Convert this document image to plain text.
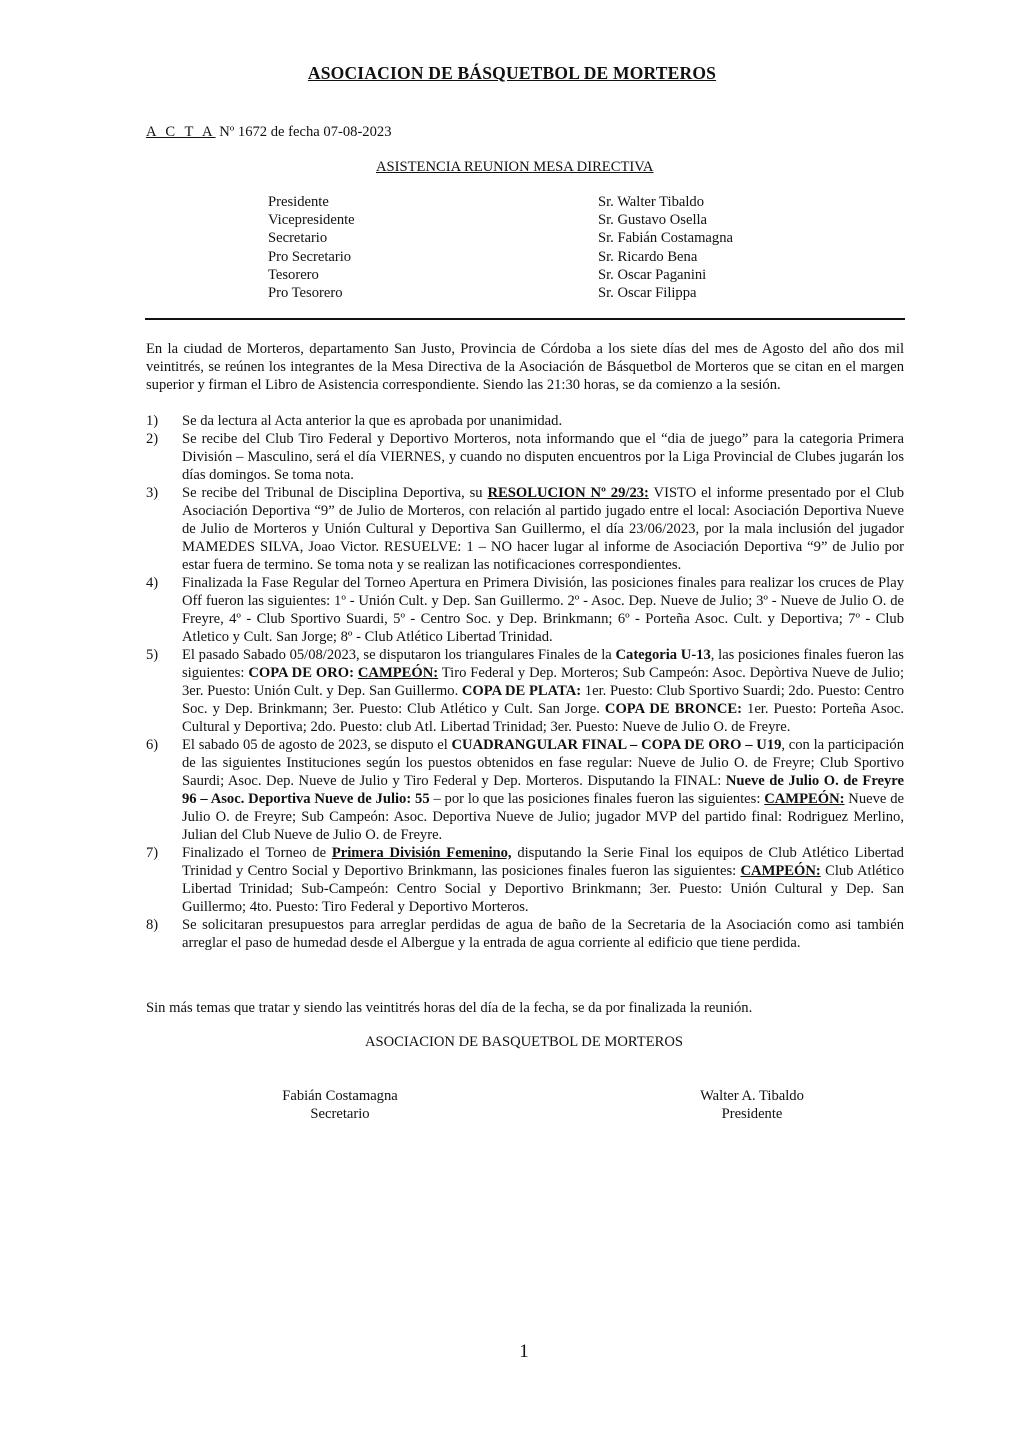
ASOCIACION DE BÁSQUETBOL DE MORTEROS
A C T A Nº 1672 de fecha 07-08-2023
ASISTENCIA REUNION MESA DIRECTIVA
Presidente	Sr. Walter Tibaldo
Vicepresidente	Sr. Gustavo Osella
Secretario	Sr. Fabián Costamagna
Pro Secretario	Sr. Ricardo Bena
Tesorero	Sr. Oscar Paganini
Pro Tesorero	Sr. Oscar Filippa
En la ciudad de Morteros, departamento San Justo, Provincia de Córdoba a los siete días del mes de Agosto del año dos mil veintitrés, se reúnen los integrantes de la Mesa Directiva de la Asociación de Básquetbol de Morteros que se citan en el margen superior y firman el Libro de Asistencia correspondiente. Siendo las 21:30 horas, se da comienzo a la sesión.
1)	Se da lectura al Acta anterior la que es aprobada por unanimidad.
2)	Se recibe del Club Tiro Federal y Deportivo Morteros, nota informando que el “dia de juego” para la categoria Primera División – Masculino, será el día VIERNES, y cuando no disputen encuentros por la Liga Provincial de Clubes jugarán los días domingos. Se toma nota.
3)	Se recibe del Tribunal de Disciplina Deportiva, su RESOLUCION Nº 29/23: VISTO el informe presentado por el Club Asociación Deportiva “9” de Julio de Morteros, con relación al partido jugado entre el local: Asociación Deportiva Nueve de Julio de Morteros y Unión Cultural y Deportiva San Guillermo, el día 23/06/2023, por la mala inclusión del jugador MAMEDES SILVA, Joao Victor. RESUELVE: 1 – NO hacer lugar al informe de Asociación Deportiva “9” de Julio por estar fuera de termino. Se toma nota y se realizan las notificaciones correspondientes.
4)	Finalizada la Fase Regular del Torneo Apertura en Primera División, las posiciones finales para realizar los cruces de Play Off fueron las siguientes: 1º - Unión Cult. y Dep. San Guillermo. 2º - Asoc. Dep. Nueve de Julio; 3º - Nueve de Julio O. de Freyre, 4º - Club Sportivo Suardi, 5º - Centro Soc. y Dep. Brinkmann; 6º - Porteña Asoc. Cult. y Deportiva; 7º - Club Atletico y Cult. San Jorge; 8º - Club Atlético Libertad Trinidad.
5)	El pasado Sabado 05/08/2023, se disputaron los triangulares Finales de la Categoria U-13, las posiciones finales fueron las siguientes: COPA DE ORO: CAMPEÓN: Tiro Federal y Dep. Morteros; Sub Campeón: Asoc. Depòrtiva Nueve de Julio; 3er. Puesto: Unión Cult. y Dep. San Guillermo. COPA DE PLATA: 1er. Puesto: Club Sportivo Suardi; 2do. Puesto: Centro Soc. y Dep. Brinkmann; 3er. Puesto: Club Atlético y Cult. San Jorge. COPA DE BRONCE: 1er. Puesto: Porteña Asoc. Cultural y Deportiva; 2do. Puesto: club Atl. Libertad Trinidad; 3er. Puesto: Nueve de Julio O. de Freyre.
6)	El sabado 05 de agosto de 2023, se disputo el CUADRANGULAR FINAL – COPA DE ORO – U19, con la participación de las siguientes Instituciones según los puestos obtenidos en fase regular: Nueve de Julio O. de Freyre; Club Sportivo Saurdi; Asoc. Dep. Nueve de Julio y Tiro Federal y Dep. Morteros. Disputando la FINAL: Nueve de Julio O. de Freyre 96 – Asoc. Deportiva Nueve de Julio: 55 – por lo que las posiciones finales fueron las siguientes: CAMPEÓN: Nueve de Julio O. de Freyre; Sub Campeón: Asoc. Deportiva Nueve de Julio; jugador MVP del partido final: Rodriguez Merlino, Julian del Club Nueve de Julio O. de Freyre.
7)	Finalizado el Torneo de Primera División Femenino, disputando la Serie Final los equipos de Club Atlético Libertad Trinidad y Centro Social y Deportivo Brinkmann, las posiciones finales fueron las siguientes: CAMPEÓN: Club Atlético Libertad Trinidad; Sub-Campeón: Centro Social y Deportivo Brinkmann; 3er. Puesto: Unión Cultural y Dep. San Guillermo; 4to. Puesto: Tiro Federal y Deportivo Morteros.
8)	Se solicitaran presupuestos para arreglar perdidas de agua de baño de la Secretaria de la Asociación como asi también arreglar el paso de humedad desde el Albergue y la entrada de agua corriente al edificio que tiene perdida.
Sin más temas que tratar y siendo las veintitrés horas del día de la fecha, se da por finalizada la reunión.
ASOCIACION DE BASQUETBOL DE MORTEROS
Fabián Costamagna
Secretario
Walter A. Tibaldo
Presidente
1
